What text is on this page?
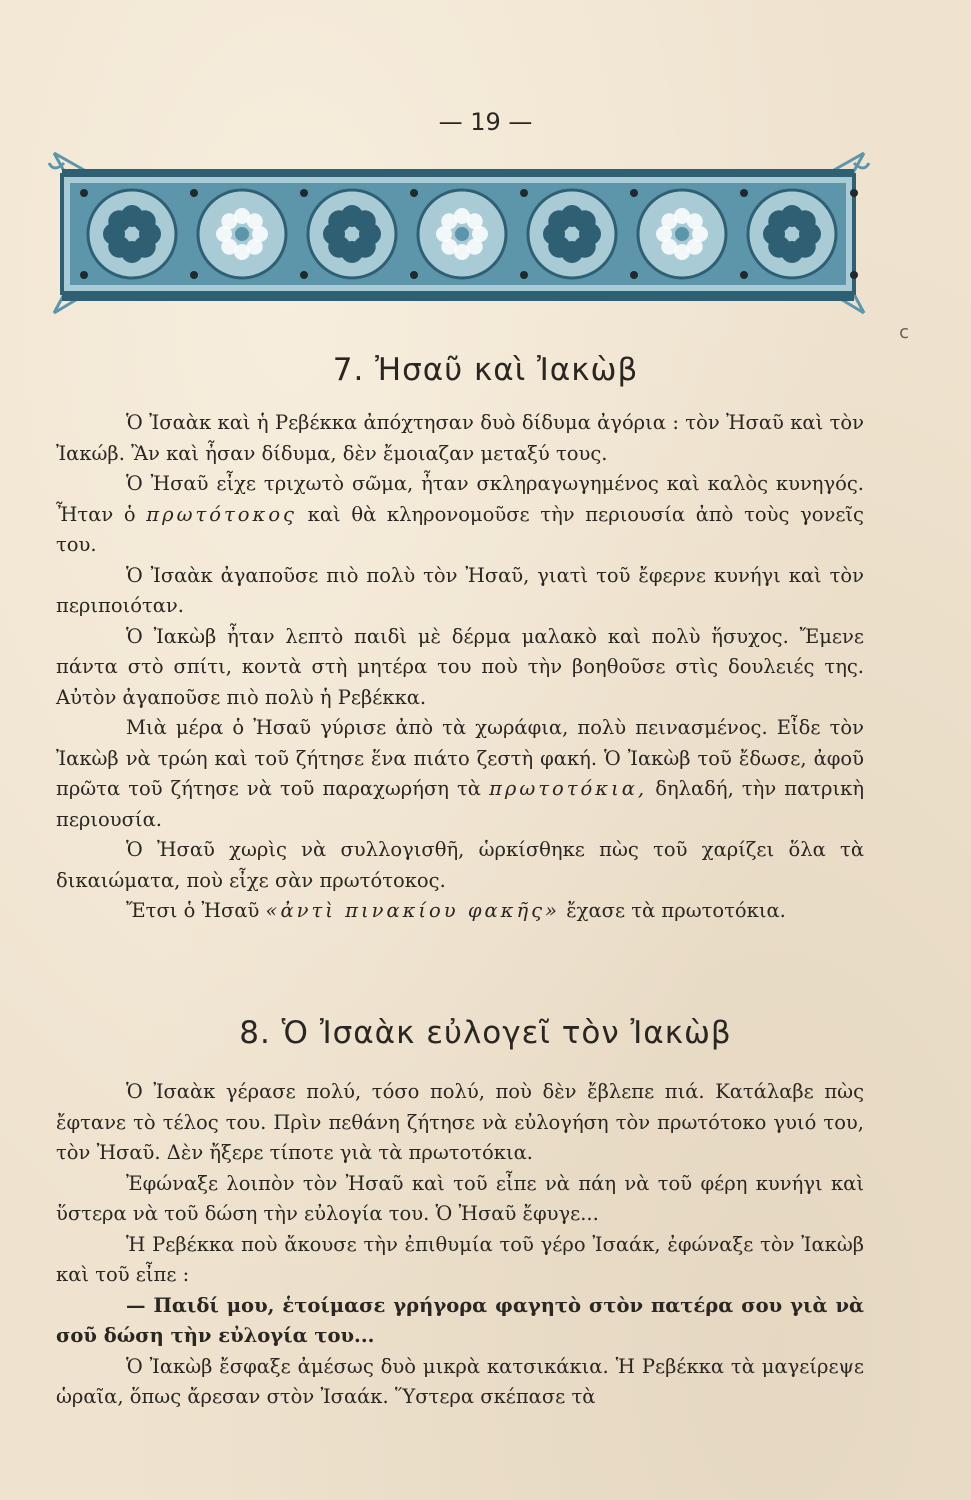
— 19 —
c
7. Ἠσαῦ καὶ Ἰακὼβ

Ὁ Ἰσαὰκ καὶ ἡ Ρεβέκκα ἀπόχτησαν δυὸ δίδυμα ἀγόρια : τὸν Ἠσαῦ καὶ τὸν Ἰακώβ. Ἂν καὶ ἦσαν δίδυμα, δὲν ἔμοιαζαν μεταξύ τους.

Ὁ Ἠσαῦ εἶχε τριχωτὸ σῶμα, ἦταν σκληραγωγημένος καὶ καλὸς κυνηγός. Ἦταν ὁ πρωτότοκος καὶ θὰ κληρονομοῦσε τὴν περιουσία ἀπὸ τοὺς γονεῖς του.

Ὁ Ἰσαὰκ ἀγαποῦσε πιὸ πολὺ τὸν Ἠσαῦ, γιατὶ τοῦ ἔφερνε κυνήγι καὶ τὸν περιποιόταν.

Ὁ Ἰακὼβ ἦταν λεπτὸ παιδὶ μὲ δέρμα μαλακὸ καὶ πολὺ ἥσυχος. Ἔμενε πάντα στὸ σπίτι, κοντὰ στὴ μητέρα του ποὺ τὴν βοηθοῦσε στὶς δουλειές της. Αὐτὸν ἀγαποῦσε πιὸ πολὺ ἡ Ρεβέκκα.

Μιὰ μέρα ὁ Ἠσαῦ γύρισε ἀπὸ τὰ χωράφια, πολὺ πεινασμένος. Εἶδε τὸν Ἰακὼβ νὰ τρώη καὶ τοῦ ζήτησε ἕνα πιάτο ζεστὴ φακή. Ὁ Ἰακὼβ τοῦ ἔδωσε, ἀφοῦ πρῶτα τοῦ ζήτησε νὰ τοῦ παραχωρήση τὰ πρωτοτόκια, δηλαδή, τὴν πατρικὴ περιουσία.

Ὁ Ἠσαῦ χωρὶς νὰ συλλογισθῆ, ὡρκίσθηκε πὼς τοῦ χαρίζει ὅλα τὰ δικαιώματα, ποὺ εἶχε σὰν πρωτότοκος.

Ἔτσι ὁ Ἠσαῦ «ἀντὶ πινακίου φακῆς» ἔχασε τὰ πρωτοτόκια.

8. Ὁ Ἰσαὰκ εὐλογεῖ τὸν Ἰακὼβ

Ὁ Ἰσαὰκ γέρασε πολύ, τόσο πολύ, ποὺ δὲν ἔβλεπε πιά. Κατάλαβε πὼς ἔφτανε τὸ τέλος του. Πρὶν πεθάνη ζήτησε νὰ εὐλογήση τὸν πρωτότοκο γυιό του, τὸν Ἠσαῦ. Δὲν ἤξερε τίποτε γιὰ τὰ πρωτοτόκια.

Ἐφώναξε λοιπὸν τὸν Ἠσαῦ καὶ τοῦ εἶπε νὰ πάη νὰ τοῦ φέρη κυνήγι καὶ ὕστερα νὰ τοῦ δώση τὴν εὐλογία του. Ὁ Ἠσαῦ ἔφυγε...

Ἡ Ρεβέκκα ποὺ ἄκουσε τὴν ἐπιθυμία τοῦ γέρο Ἰσαάκ, ἐφώναξε τὸν Ἰακὼβ καὶ τοῦ εἶπε :

— Παιδί μου, ἑτοίμασε γρήγορα φαγητὸ στὸν πατέρα σου γιὰ νὰ σοῦ δώση τὴν εὐλογία του...

Ὁ Ἰακὼβ ἔσφαξε ἀμέσως δυὸ μικρὰ κατσικάκια. Ἡ Ρεβέκκα τὰ μαγείρεψε ὡραῖα, ὅπως ἄρεσαν στὸν Ἰσαάκ. Ὕστερα σκέπασε τὰ
